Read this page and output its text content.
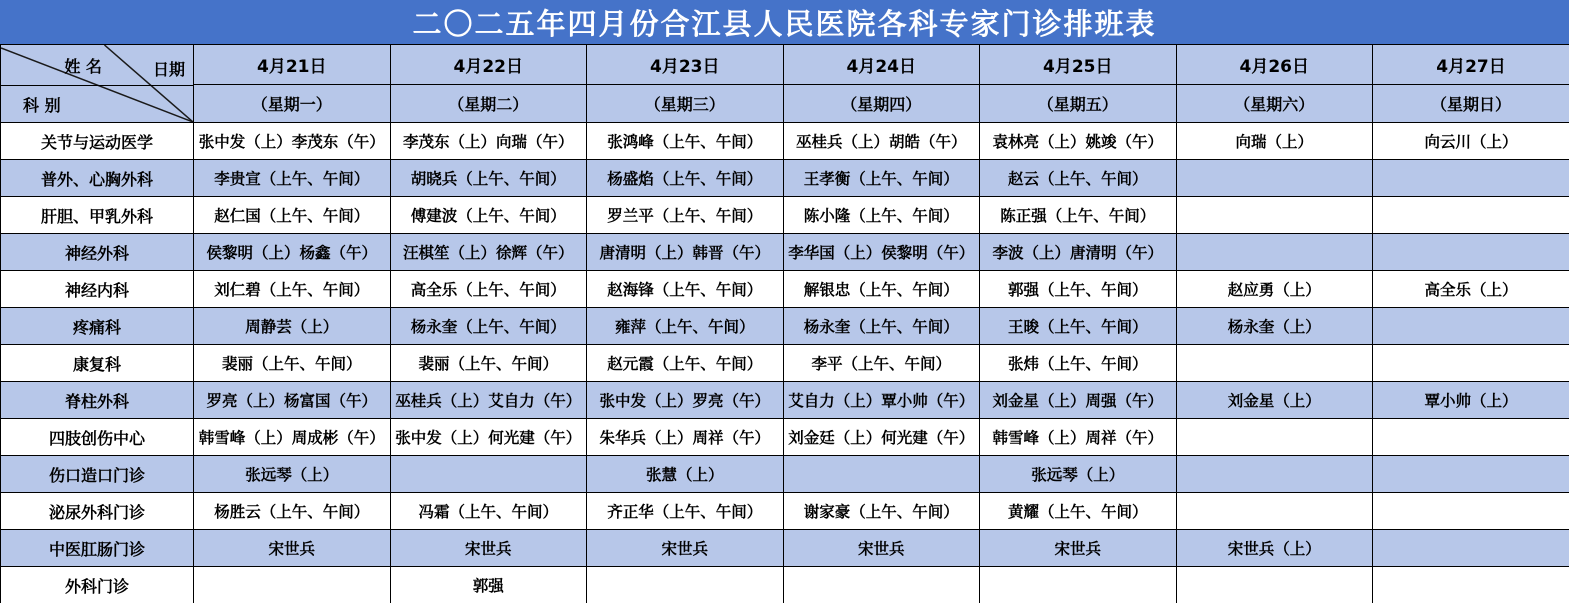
二〇二五年四月份合江县人民医院各科专家门诊排班表
姓 名 日期
科 别	4月21日	4月22日	4月23日	4月24日	4月25日	4月26日	4月27日
	（星期一）	（星期二）	（星期三）	（星期四）	（星期五）	（星期六）	（星期日）
关节与运动医学	张中发（上）李茂东（午）	李茂东（上）向瑞（午）	张鸿峰（上午、午间）	巫桂兵（上）胡皓（午）	袁林亮（上）姚竣（午）	向瑞（上）	向云川（上）
普外、心胸外科	李贵宣（上午、午间）	胡晓兵（上午、午间）	杨盛焰（上午、午间）	王孝衡（上午、午间）	赵云（上午、午间）		
肝胆、甲乳外科	赵仁国（上午、午间）	傅建波（上午、午间）	罗兰平（上午、午间）	陈小隆（上午、午间）	陈正强（上午、午间）		
神经外科	侯黎明（上）杨鑫（午）	汪棋笙（上）徐辉（午）	唐清明（上）韩晋（午）	李华国（上）侯黎明（午）	李波（上）唐清明（午）		
神经内科	刘仁碧（上午、午间）	高全乐（上午、午间）	赵海锋（上午、午间）	解银忠（上午、午间）	郭强（上午、午间）	赵应勇（上）	高全乐（上）
疼痛科	周静芸（上）	杨永奎（上午、午间）	雍萍（上午、午间）	杨永奎（上午、午间）	王晙（上午、午间）	杨永奎（上）	
康复科	裴丽（上午、午间）	裴丽（上午、午间）	赵元霞（上午、午间）	李平（上午、午间）	张炜（上午、午间）		
脊柱外科	罗亮（上）杨富国（午）	巫桂兵（上）艾自力（午）	张中发（上）罗亮（午）	艾自力（上）覃小帅（午）	刘金星（上）周强（午）	刘金星（上）	覃小帅（上）
四肢创伤中心	韩雪峰（上）周成彬（午）	张中发（上）何光建（午）	朱华兵（上）周祥（午）	刘金廷（上）何光建（午）	韩雪峰（上）周祥（午）		
伤口造口门诊	张远琴（上）		张慧（上）		张远琴（上）		
泌尿外科门诊	杨胜云（上午、午间）	冯霜（上午、午间）	齐正华（上午、午间）	谢家豪（上午、午间）	黄耀（上午、午间）		
中医肛肠门诊	宋世兵	宋世兵	宋世兵	宋世兵	宋世兵	宋世兵（上）	
外科门诊		郭强					
